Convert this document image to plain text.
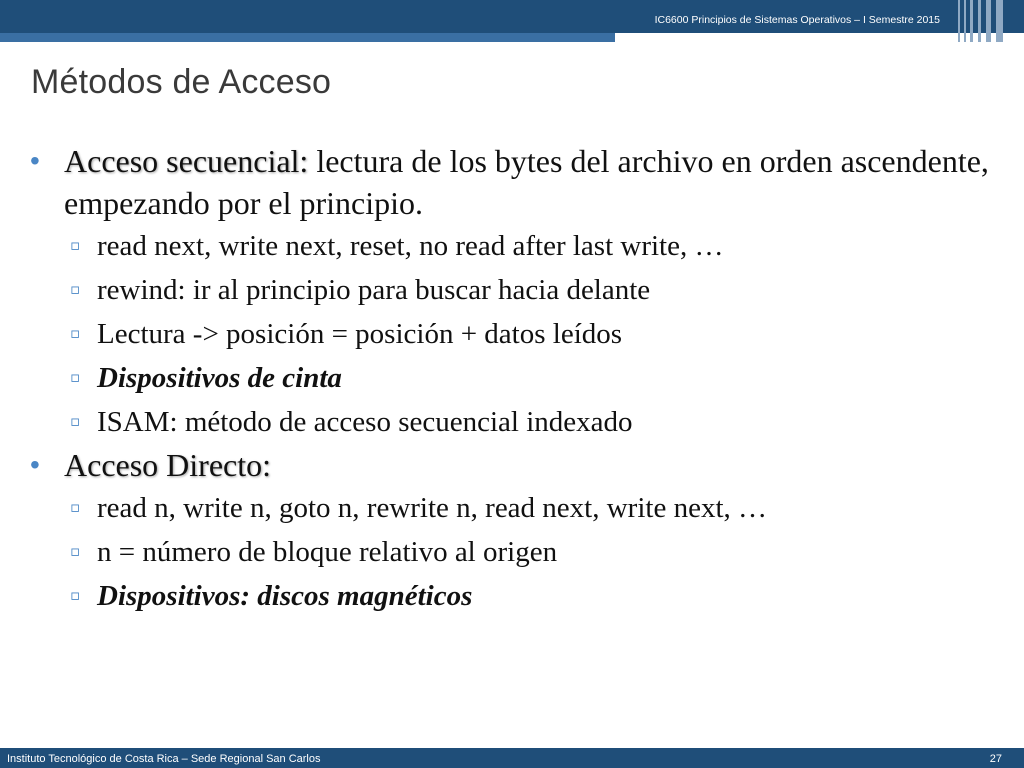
IC6600 Principios de Sistemas Operativos – I Semestre 2015
Métodos de Acceso
• Acceso secuencial: lectura de los bytes del archivo en orden ascendente, empezando por el principio.
▫ read next, write next, reset, no read after last write, …
▫ rewind: ir al principio para buscar hacia delante
▫ Lectura -> posición = posición + datos leídos
▫ Dispositivos de cinta
▫ ISAM: método de acceso secuencial indexado
• Acceso Directo:
▫ read n, write n, goto n, rewrite n, read next, write next, …
▫ n = número de bloque relativo al origen
▫ Dispositivos: discos magnéticos
Instituto Tecnológico de Costa Rica – Sede Regional San Carlos	27
